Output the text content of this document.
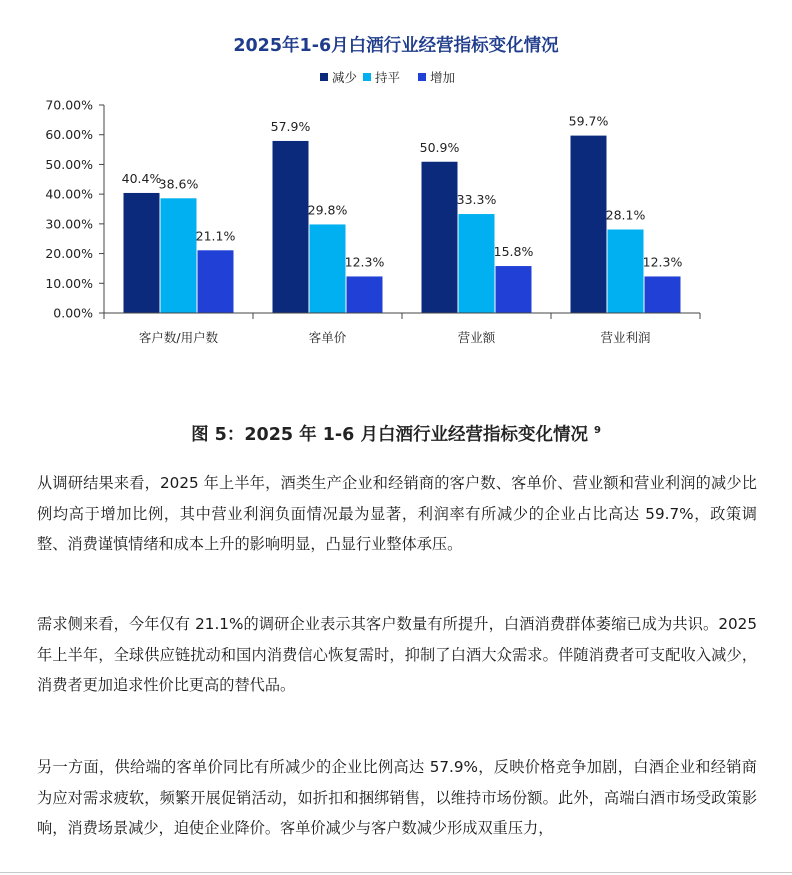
2025年1-6月白酒行业经营指标变化情况
减少 持平 增加
0.00%
10.00%
20.00%
30.00%
40.00%
50.00%
60.00%
70.00%
40.4%
38.6%
21.1%
57.9%
29.8%
12.3%
50.9%
33.3%
15.8%
59.7%
28.1%
12.3%
客户数/用户数	客单价	营业额	营业利润
图 5：2025 年 1-6 月白酒行业经营指标变化情况 $^9$

从调研结果来看，2025 年上半年，酒类生产企业和经销商的客户数、客单价、营业额和营业利润的减少比例均高于增加比例，其中营业利润负面情况最为显著，利润率有所减少的企业占比高达 59.7%，政策调整、消费谨慎情绪和成本上升的影响明显，凸显行业整体承压。

需求侧来看，今年仅有 21.1%的调研企业表示其客户数量有所提升，白酒消费群体萎缩已成为共识。2025 年上半年，全球供应链扰动和国内消费信心恢复需时，抑制了白酒大众需求。伴随消费者可支配收入减少，消费者更加追求性价比更高的替代品。

另一方面，供给端的客单价同比有所减少的企业比例高达 57.9%，反映价格竞争加剧，白酒企业和经销商为应对需求疲软，频繁开展促销活动，如折扣和捆绑销售，以维持市场份额。此外，高端白酒市场受政策影响，消费场景减少，迫使企业降价。客单价减少与客户数减少形成双重压力，
